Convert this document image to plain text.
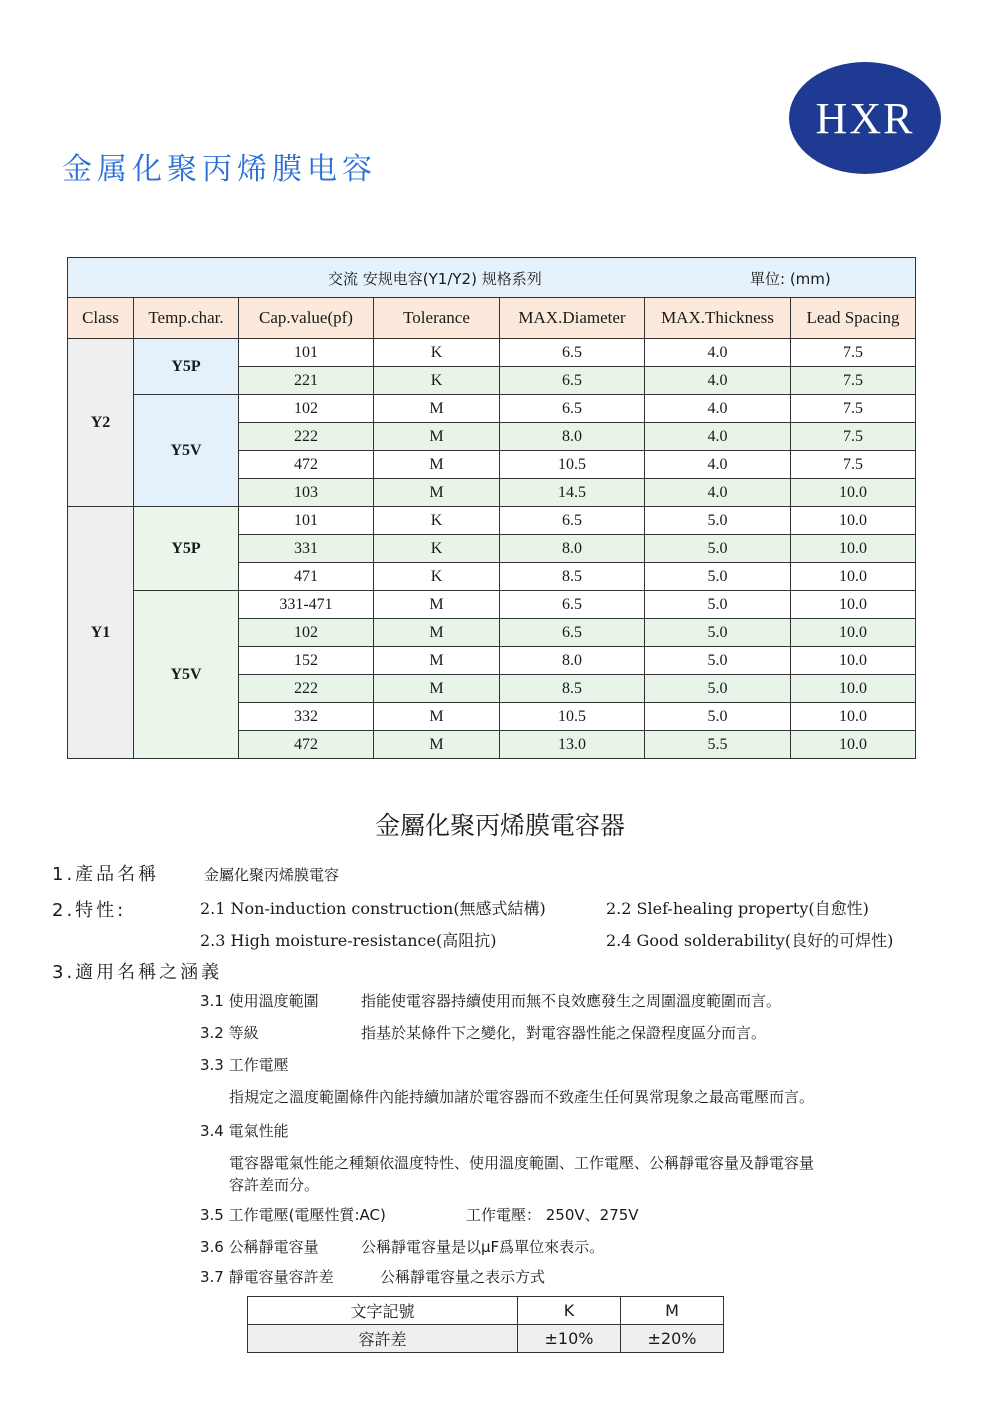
HXR
金属化聚丙烯膜电容
交流 安规电容(Y1/Y2) 规格系列 單位: (mm)						

Class	Temp.char.	Cap.value(pf)	Tolerance	MAX.Diameter	MAX.Thickness	Lead Spacing
Y2	Y5P	101	K	6.5	4.0	7.5
		221	K	6.5	4.0	7.5
	Y5V	102	M	6.5	4.0	7.5
		222	M	8.0	4.0	7.5
		472	M	10.5	4.0	7.5
		103	M	14.5	4.0	10.0
Y1	Y5P	101	K	6.5	5.0	10.0
		331	K	8.0	5.0	10.0
		471	K	8.5	5.0	10.0
	Y5V	331-471	M	6.5	5.0	10.0
		102	M	6.5	5.0	10.0
		152	M	8.0	5.0	10.0
		222	M	8.5	5.0	10.0
		332	M	10.5	5.0	10.0
		472	M	13.0	5.5	10.0
金屬化聚丙烯膜電容器
1.產品名稱	金屬化聚丙烯膜電容
2.特性:	2.1 Non-induction construction(無感式結構)	2.2 Slef-healing property(自愈性)
2.3 High moisture-resistance(高阻抗)	2.4 Good solderability(良好的可焊性)
3.適用名稱之涵義
3.1 使用溫度範圍	指能使電容器持續使用而無不良效應發生之周圍溫度範圍而言。
3.2 等級	指基於某條件下之變化，對電容器性能之保證程度區分而言。
3.3 工作電壓
指規定之溫度範圍條件內能持續加諸於電容器而不致產生任何異常現象之最高電壓而言。
3.4 電氣性能
電容器電氣性能之種類依溫度特性、使用溫度範圍、工作電壓、公稱靜電容量及靜電容量
容許差而分。
3.5 工作電壓(電壓性質:AC)	工作電壓： 250V、275V
3.6 公稱靜電容量	公稱靜電容量是以μF爲單位來表示。
3.7 靜電容量容許差	公稱靜電容量之表示方式
文字記號	K	M
容許差	±10%	±20%
